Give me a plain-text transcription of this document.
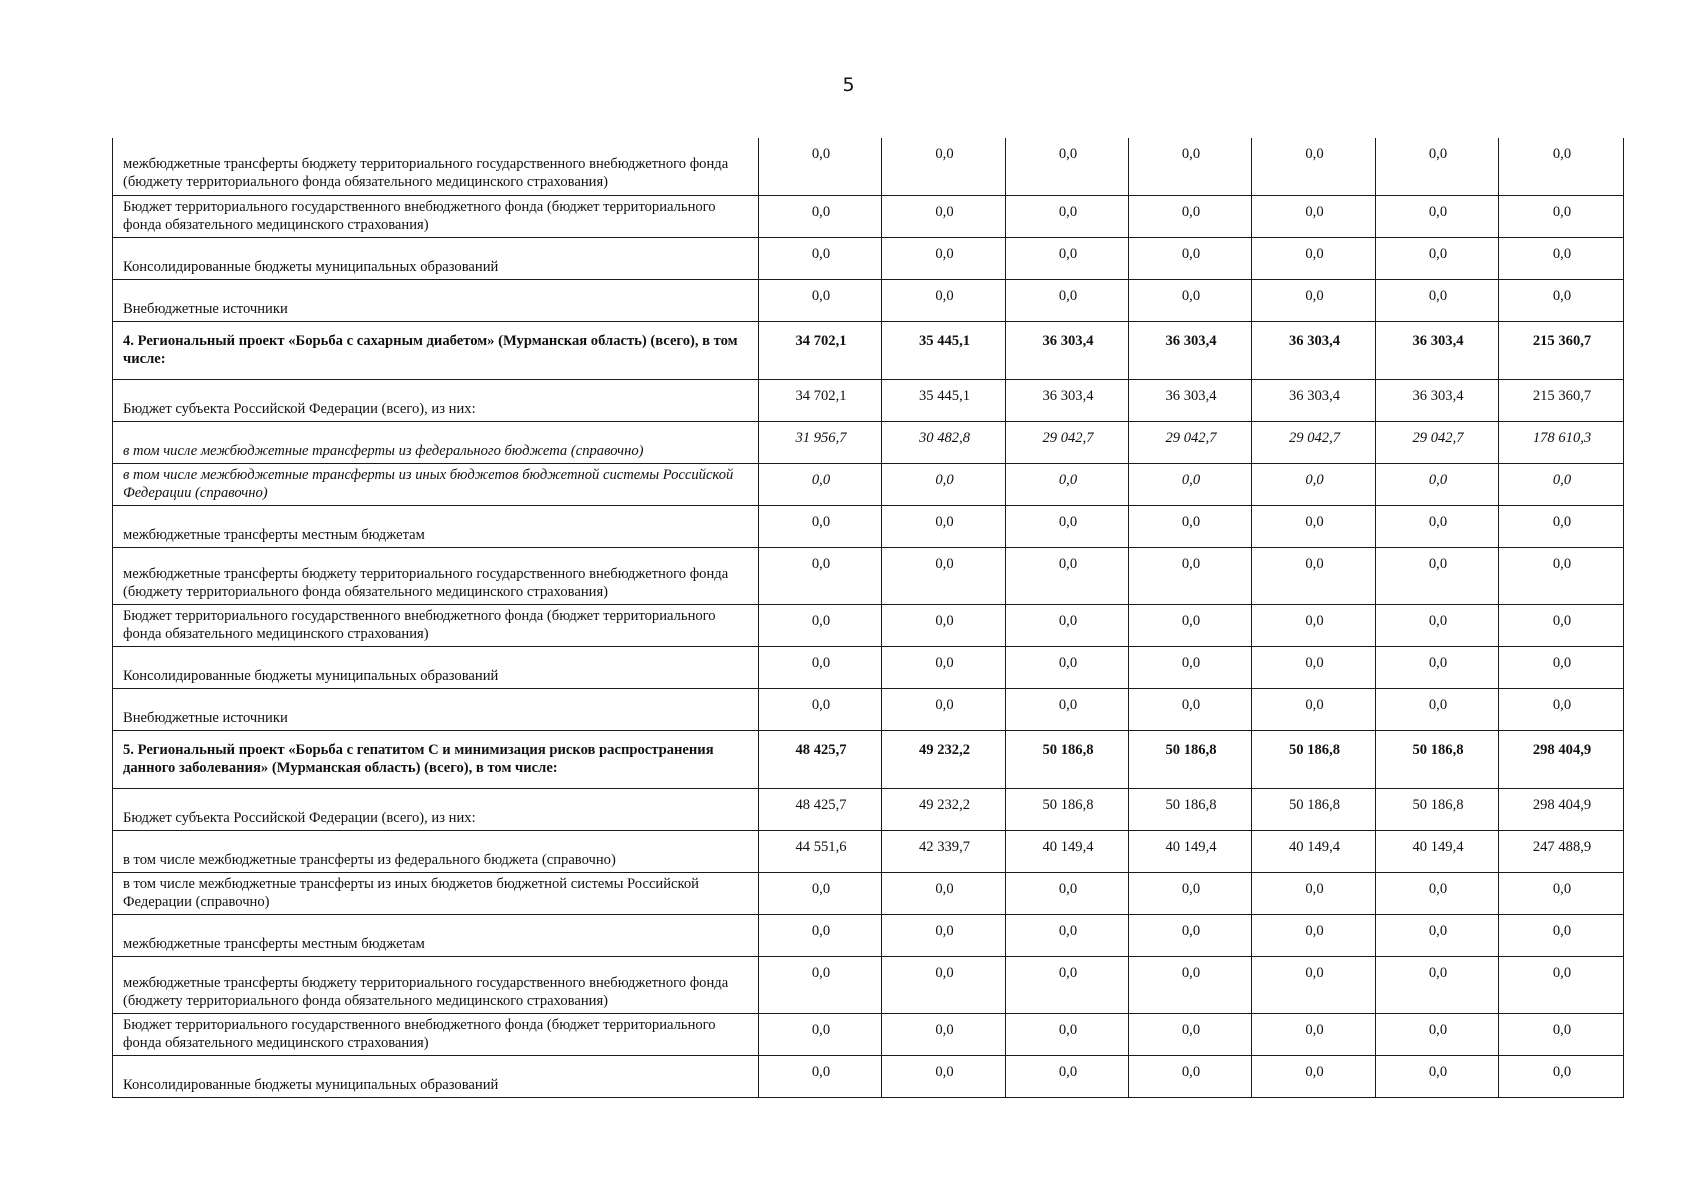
5
межбюджетные трансферты бюджету территориального государственного внебюджетного фонда (бюджету территориального фонда обязательного медицинского страхования)	0,0	0,0	0,0	0,0	0,0	0,0	0,0
Бюджет территориального государственного внебюджетного фонда (бюджет территориального фонда обязательного медицинского страхования)	0,0	0,0	0,0	0,0	0,0	0,0	0,0
Консолидированные бюджеты муниципальных образований	0,0	0,0	0,0	0,0	0,0	0,0	0,0
Внебюджетные источники	0,0	0,0	0,0	0,0	0,0	0,0	0,0
4. Региональный проект «Борьба с сахарным диабетом» (Мурманская область) (всего), в том числе:	34 702,1	35 445,1	36 303,4	36 303,4	36 303,4	36 303,4	215 360,7
Бюджет субъекта Российской Федерации (всего), из них:	34 702,1	35 445,1	36 303,4	36 303,4	36 303,4	36 303,4	215 360,7
в том числе межбюджетные трансферты из федерального бюджета (справочно)	31 956,7	30 482,8	29 042,7	29 042,7	29 042,7	29 042,7	178 610,3
в том числе межбюджетные трансферты из иных бюджетов бюджетной системы Российской Федерации (справочно)	0,0	0,0	0,0	0,0	0,0	0,0	0,0
межбюджетные трансферты местным бюджетам	0,0	0,0	0,0	0,0	0,0	0,0	0,0
межбюджетные трансферты бюджету территориального государственного внебюджетного фонда (бюджету территориального фонда обязательного медицинского страхования)	0,0	0,0	0,0	0,0	0,0	0,0	0,0
Бюджет территориального государственного внебюджетного фонда (бюджет территориального фонда обязательного медицинского страхования)	0,0	0,0	0,0	0,0	0,0	0,0	0,0
Консолидированные бюджеты муниципальных образований	0,0	0,0	0,0	0,0	0,0	0,0	0,0
Внебюджетные источники	0,0	0,0	0,0	0,0	0,0	0,0	0,0
5. Региональный проект «Борьба с гепатитом С и минимизация рисков распространения данного заболевания» (Мурманская область) (всего), в том числе:	48 425,7	49 232,2	50 186,8	50 186,8	50 186,8	50 186,8	298 404,9
Бюджет субъекта Российской Федерации (всего), из них:	48 425,7	49 232,2	50 186,8	50 186,8	50 186,8	50 186,8	298 404,9
в том числе межбюджетные трансферты из федерального бюджета (справочно)	44 551,6	42 339,7	40 149,4	40 149,4	40 149,4	40 149,4	247 488,9
в том числе межбюджетные трансферты из иных бюджетов бюджетной системы Российской Федерации (справочно)	0,0	0,0	0,0	0,0	0,0	0,0	0,0
межбюджетные трансферты местным бюджетам	0,0	0,0	0,0	0,0	0,0	0,0	0,0
межбюджетные трансферты бюджету территориального государственного внебюджетного фонда (бюджету территориального фонда обязательного медицинского страхования)	0,0	0,0	0,0	0,0	0,0	0,0	0,0
Бюджет территориального государственного внебюджетного фонда (бюджет территориального фонда обязательного медицинского страхования)	0,0	0,0	0,0	0,0	0,0	0,0	0,0
Консолидированные бюджеты муниципальных образований	0,0	0,0	0,0	0,0	0,0	0,0	0,0
